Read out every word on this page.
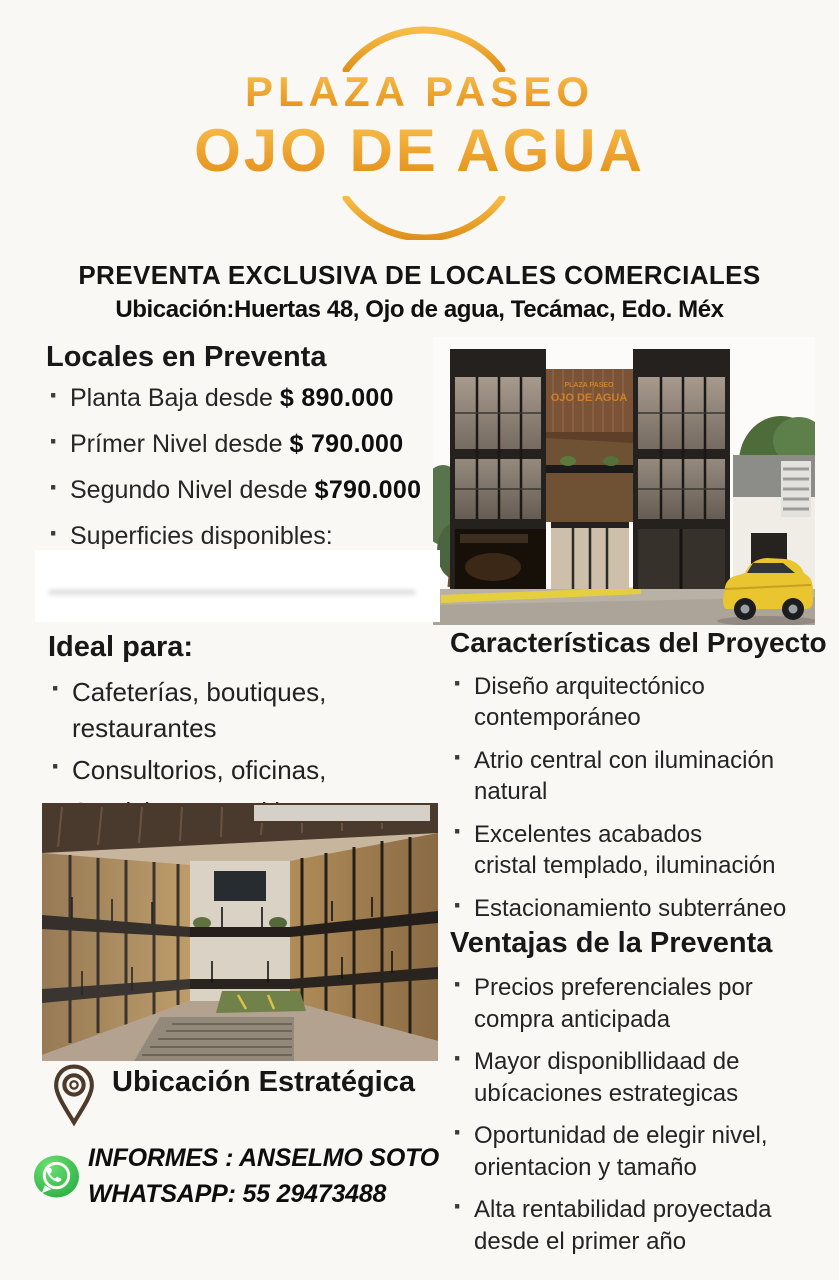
PLAZA PASEO
OJO DE AGUA
PREVENTA EXCLUSIVA DE LOCALES COMERCIALES
Ubicación:Huertas 48, Ojo de agua, Tecámac, Edo. Méx
Locales en Preventa
· Planta Baja desde $ 890.000
· Prímer Nivel desde $ 790.000
· Segundo Nivel desde $790.000
· Superficies disponibles:
PLAZA PASEO
OJO DE AGUA
Ideal para:
· Cafeterías, boutiques,
restaurantes
· Consultorios, oficinas,
·
Características del Proyecto
· Diseño arquitectónico
contemporáneo
· Atrio central con iluminación
natural
· Excelentes acabados
cristal templado, iluminación
· Estacionamiento subterráneo
Ventajas de la Preventa
· Precios preferenciales por
compra anticipada
· Mayor disponibllidaad de
ubícaciones estrategicas
· Oportunidad de elegir nivel,
orientacion y tamaño
· Alta rentabilidad proyectada
desde el primer año
Ubicación Estratégica
INFORMES : ANSELMO SOTO
WHATSAPP: 55 29473488
